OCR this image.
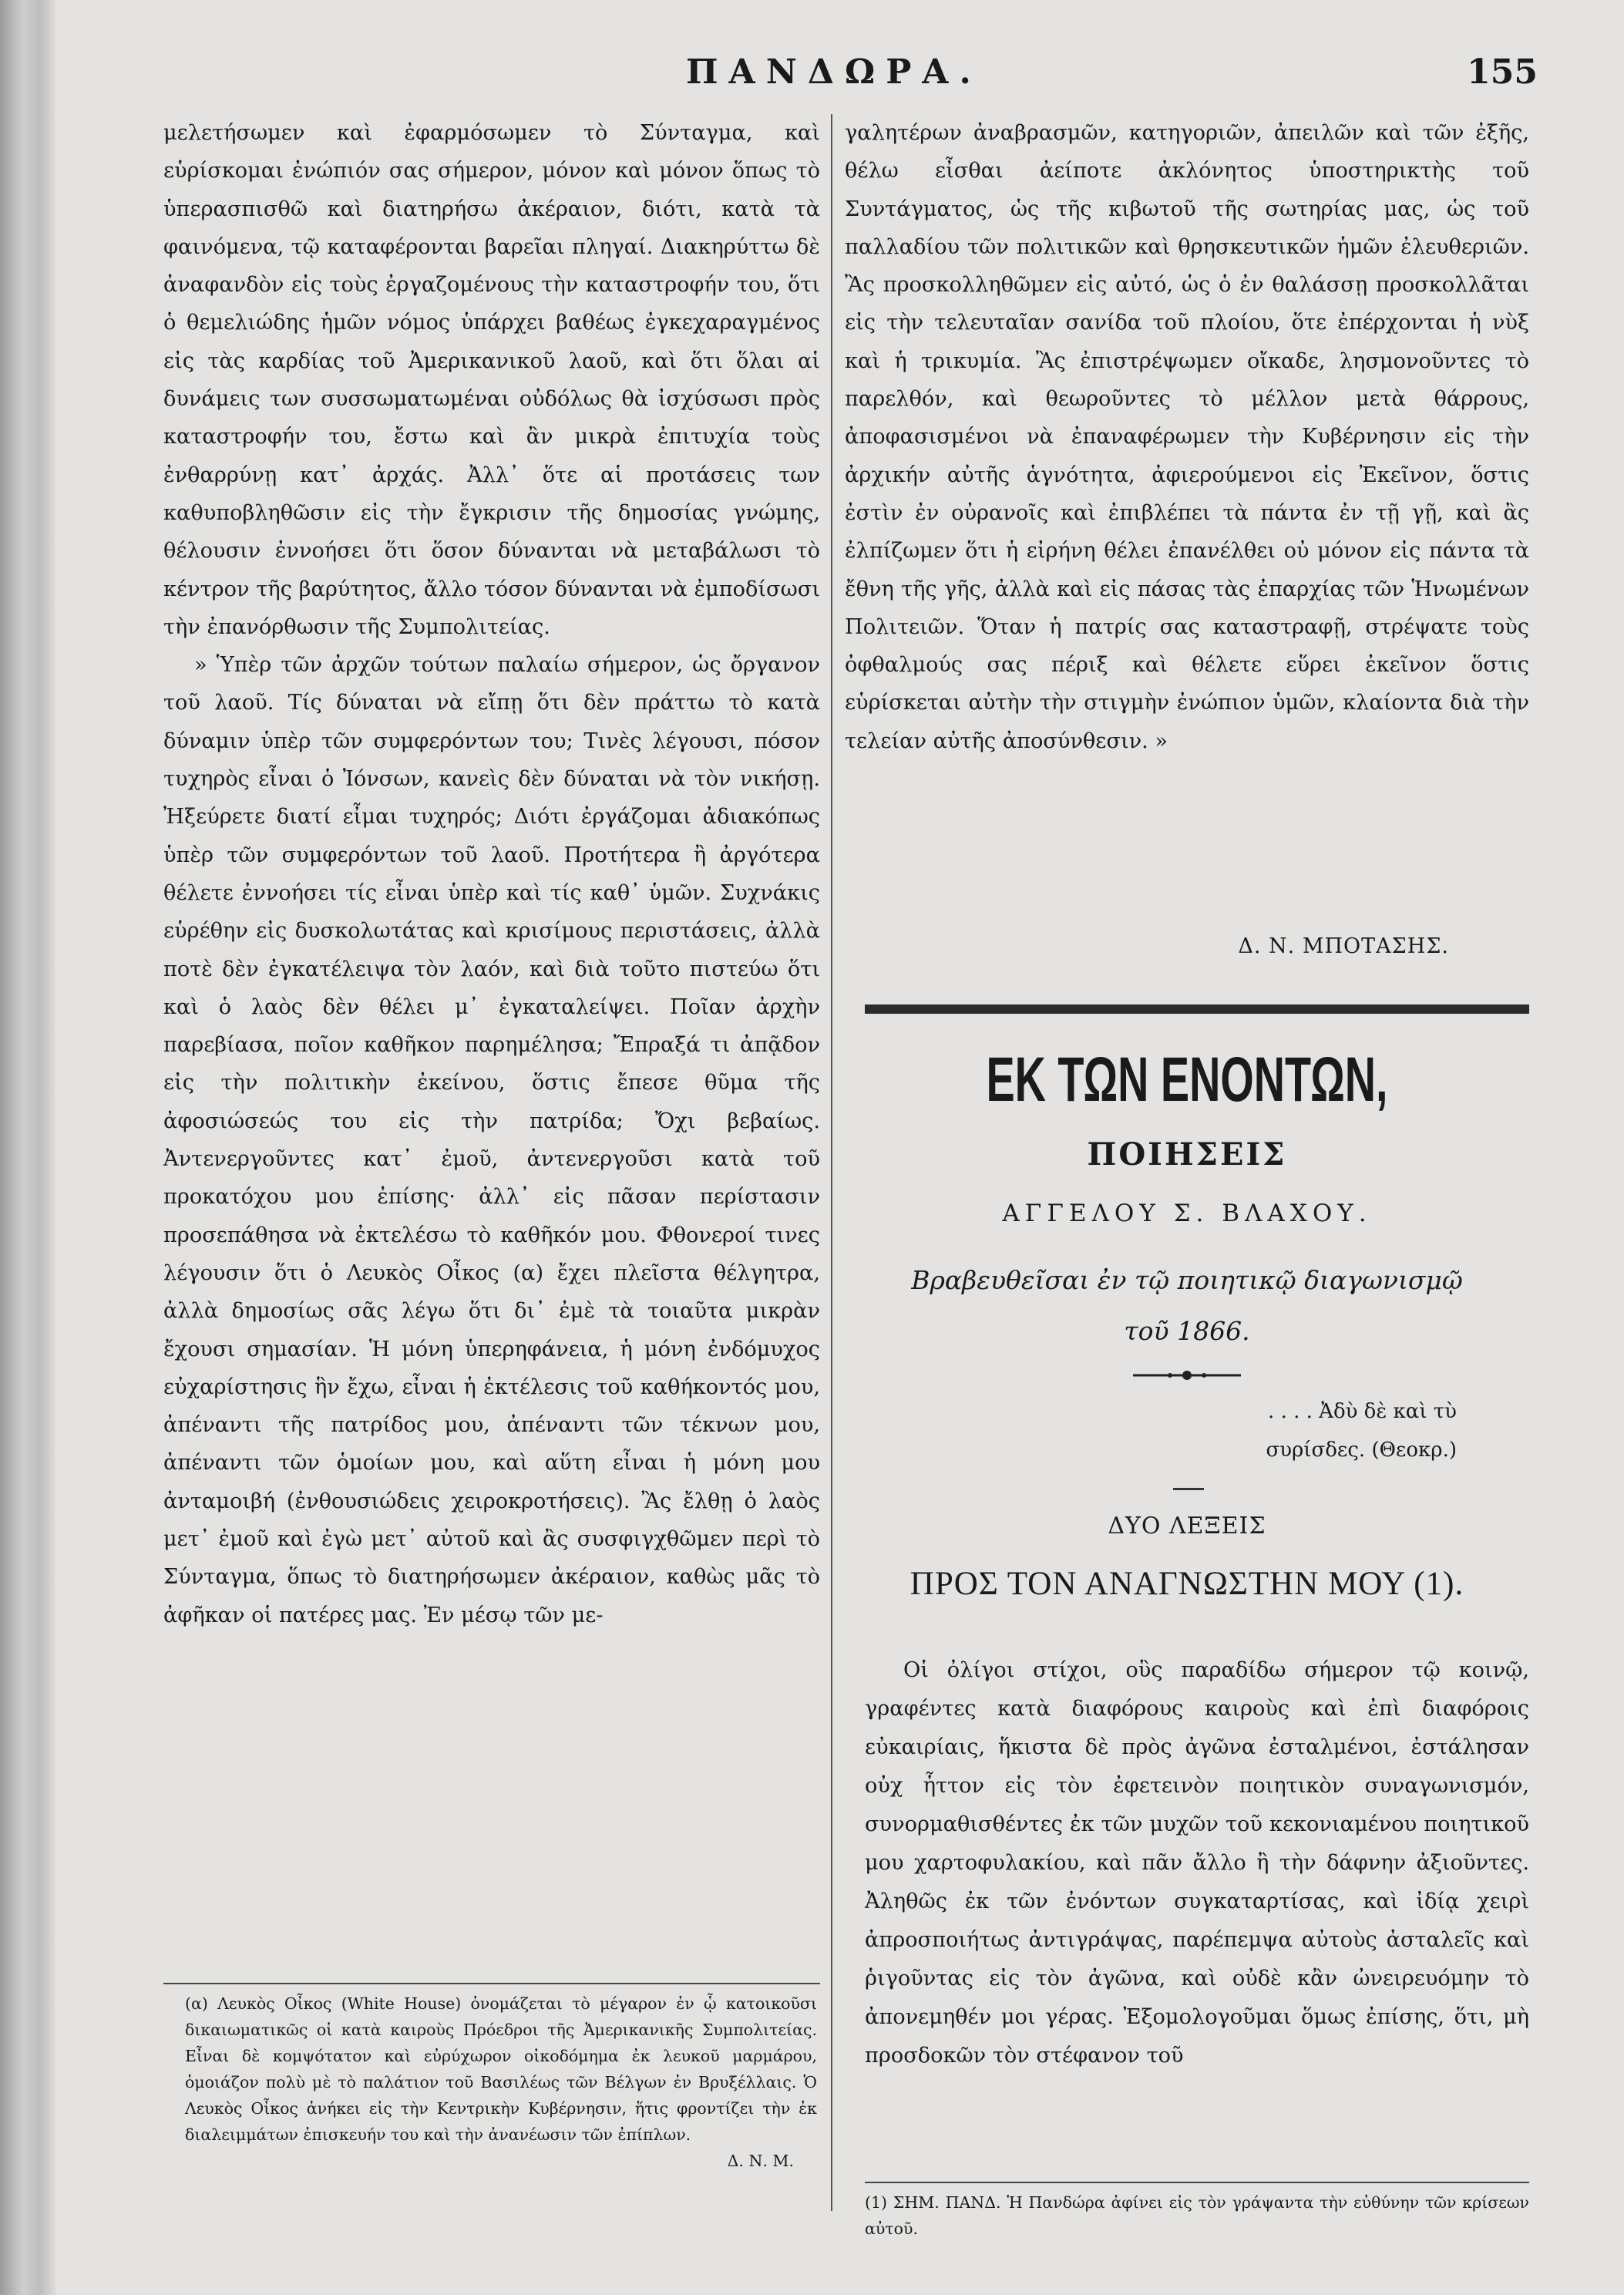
ΠΑΝΔΩΡΑ.	155

μελετήσωμεν καὶ ἐφαρμόσωμεν τὸ Σύνταγμα, καὶ εὑρίσκομαι ἐνώπιόν σας σήμερον, μόνον καὶ μόνον ὅπως τὸ ὑπερασπισθῶ καὶ διατηρήσω ἀκέραιον, διότι, κατὰ τὰ φαινόμενα, τῷ καταφέρονται βαρεῖαι πληγαί. Διακηρύττω δὲ ἀναφανδὸν εἰς τοὺς ἐργαζομένους τὴν καταστροφήν του, ὅτι ὁ θεμελιώδης ἡμῶν νόμος ὑπάρχει βαθέως ἐγκεχαραγμένος εἰς τὰς καρδίας τοῦ Ἀμερικανικοῦ λαοῦ, καὶ ὅτι ὅλαι αἱ δυνάμεις των συσσωματωμέναι οὐδόλως θὰ ἰσχύσωσι πρὸς καταστροφήν του, ἔστω καὶ ἂν μικρὰ ἐπιτυχία τοὺς ἐνθαρρύνῃ κατ᾽ ἀρχάς. Ἀλλ᾽ ὅτε αἱ προτάσεις των καθυποβληθῶσιν εἰς τὴν ἔγκρισιν τῆς δημοσίας γνώμης, θέλουσιν ἐννοήσει ὅτι ὅσον δύνανται νὰ μεταβάλωσι τὸ κέντρον τῆς βαρύτητος, ἄλλο τόσον δύνανται νὰ ἐμποδίσωσι τὴν ἐπανόρθωσιν τῆς Συμπολιτείας.

» Ὑπὲρ τῶν ἀρχῶν τούτων παλαίω σήμερον, ὡς ὄργανον τοῦ λαοῦ. Τίς δύναται νὰ εἴπῃ ὅτι δὲν πράττω τὸ κατὰ δύναμιν ὑπὲρ τῶν συμφερόντων του; Τινὲς λέγουσι, πόσον τυχηρὸς εἶναι ὁ Ἰόνσων, κανεὶς δὲν δύναται νὰ τὸν νικήσῃ. Ἠξεύρετε διατί εἶμαι τυχηρός; Διότι ἐργάζομαι ἀδιακόπως ὑπὲρ τῶν συμφερόντων τοῦ λαοῦ. Προτήτερα ἢ ἀργότερα θέλετε ἐννοήσει τίς εἶναι ὑπὲρ καὶ τίς καθ᾽ ὑμῶν. Συχνάκις εὑρέθην εἰς δυσκολωτάτας καὶ κρισίμους περιστάσεις, ἀλλὰ ποτὲ δὲν ἐγκατέλειψα τὸν λαόν, καὶ διὰ τοῦτο πιστεύω ὅτι καὶ ὁ λαὸς δὲν θέλει μ᾽ ἐγκαταλείψει. Ποῖαν ἀρχὴν παρεβίασα, ποῖον καθῆκον παρημέλησα; Ἔπραξά τι ἀπᾷδον εἰς τὴν πολιτικὴν ἐκείνου, ὅστις ἔπεσε θῦμα τῆς ἀφοσιώσεώς του εἰς τὴν πατρίδα; Ὄχι βεβαίως. Ἀντενεργοῦντες κατ᾽ ἐμοῦ, ἀντενεργοῦσι κατὰ τοῦ προκατόχου μου ἐπίσης· ἀλλ᾽ εἰς πᾶσαν περίστασιν προσεπάθησα νὰ ἐκτελέσω τὸ καθῆκόν μου. Φθονεροί τινες λέγουσιν ὅτι ὁ Λευκὸς Οἶκος (α) ἔχει πλεῖστα θέλγητρα, ἀλλὰ δημοσίως σᾶς λέγω ὅτι δι᾽ ἐμὲ τὰ τοιαῦτα μικρὰν ἔχουσι σημασίαν. Ἡ μόνη ὑπερηφάνεια, ἡ μόνη ἐνδόμυχος εὐχαρίστησις ἣν ἔχω, εἶναι ἡ ἐκτέλεσις τοῦ καθήκοντός μου, ἀπέναντι τῆς πατρίδος μου, ἀπέναντι τῶν τέκνων μου, ἀπέναντι τῶν ὁμοίων μου, καὶ αὕτη εἶναι ἡ μόνη μου ἀνταμοιβή (ἐνθουσιώδεις χειροκροτήσεις). Ἂς ἔλθῃ ὁ λαὸς μετ᾽ ἐμοῦ καὶ ἐγὼ μετ᾽ αὐτοῦ καὶ ἂς συσφιγχθῶμεν περὶ τὸ Σύνταγμα, ὅπως τὸ διατηρήσωμεν ἀκέραιον, καθὼς μᾶς τὸ ἀφῆκαν οἱ πατέρες μας. Ἐν μέσῳ τῶν με-

(α) Λευκὸς Οἶκος (White House) ὀνομάζεται τὸ μέγαρον ἐν ᾧ κατοικοῦσι δικαιωματικῶς οἱ κατὰ καιροὺς Πρόεδροι τῆς Ἀμερικανικῆς Συμπολιτείας. Εἶναι δὲ κομψότατον καὶ εὐρύχωρον οἰκοδόμημα ἐκ λευκοῦ μαρμάρου, ὁμοιάζον πολὺ μὲ τὸ παλάτιον τοῦ Βασιλέως τῶν Βέλγων ἐν Βρυξέλλαις. Ὁ Λευκὸς Οἶκος ἀνήκει εἰς τὴν Κεντρικὴν Κυβέρνησιν, ἥτις φροντίζει τὴν ἐκ διαλειμμάτων ἐπισκευήν του καὶ τὴν ἀνανέωσιν τῶν ἐπίπλων.
Δ. Ν. Μ.

γαλητέρων ἀναβρασμῶν, κατηγοριῶν, ἀπειλῶν καὶ τῶν ἐξῆς, θέλω εἶσθαι ἀείποτε ἀκλόνητος ὑποστηρικτὴς τοῦ Συντάγματος, ὡς τῆς κιβωτοῦ τῆς σωτηρίας μας, ὡς τοῦ παλλαδίου τῶν πολιτικῶν καὶ θρησκευτικῶν ἡμῶν ἐλευθεριῶν. Ἂς προσκολληθῶμεν εἰς αὐτό, ὡς ὁ ἐν θαλάσσῃ προσκολλᾶται εἰς τὴν τελευταῖαν σανίδα τοῦ πλοίου, ὅτε ἐπέρχονται ἡ νὺξ καὶ ἡ τρικυμία. Ἂς ἐπιστρέψωμεν οἴκαδε, λησμονοῦντες τὸ παρελθόν, καὶ θεωροῦντες τὸ μέλλον μετὰ θάρρους, ἀποφασισμένοι νὰ ἐπαναφέρωμεν τὴν Κυβέρνησιν εἰς τὴν ἀρχικήν αὐτῆς ἁγνότητα, ἀφιερούμενοι εἰς Ἐκεῖνον, ὅστις ἐστὶν ἐν οὐρανοῖς καὶ ἐπιβλέπει τὰ πάντα ἐν τῇ γῇ, καὶ ἂς ἐλπίζωμεν ὅτι ἡ εἰρήνη θέλει ἐπανέλθει οὐ μόνον εἰς πάντα τὰ ἔθνη τῆς γῆς, ἀλλὰ καὶ εἰς πάσας τὰς ἐπαρχίας τῶν Ἡνωμένων Πολιτειῶν. Ὅταν ἡ πατρίς σας καταστραφῇ, στρέψατε τοὺς ὀφθαλμούς σας πέριξ καὶ θέλετε εὕρει ἐκεῖνον ὅστις εὑρίσκεται αὐτὴν τὴν στιγμὴν ἐνώπιον ὑμῶν, κλαίοντα διὰ τὴν τελείαν αὐτῆς ἀποσύνθεσιν. »

Δ. Ν. ΜΠΟΤΑΣΗΣ.
ΕΚ ΤΩΝ ΕΝΟΝΤΩΝ,
ΠΟΙΗΣΕΙΣ
ΑΓΓΕΛΟΥ Σ. ΒΛΑΧΟΥ.
Βραβευθεῖσαι ἐν τῷ ποιητικῷ διαγωνισμῷ
τοῦ 1866.
. . . . Ἀδὺ δὲ καὶ τὺ
συρίσδες. (Θεοκρ.)
ΔΥΟ ΛΕΞΕΙΣ
ΠΡΟΣ ΤΟΝ ΑΝΑΓΝΩΣΤΗΝ ΜΟΥ (1).

Οἱ ὀλίγοι στίχοι, οὓς παραδίδω σήμερον τῷ κοινῷ, γραφέντες κατὰ διαφόρους καιροὺς καὶ ἐπὶ διαφόροις εὐκαιρίαις, ἥκιστα δὲ πρὸς ἀγῶνα ἐσταλμένοι, ἐστάλησαν οὐχ ἧττον εἰς τὸν ἐφετεινὸν ποιητικὸν συναγωνισμόν, συνορμαθισθέντες ἐκ τῶν μυχῶν τοῦ κεκονιαμένου ποιητικοῦ μου χαρτοφυλακίου, καὶ πᾶν ἄλλο ἢ τὴν δάφνην ἀξιοῦντες. Ἀληθῶς ἐκ τῶν ἐνόντων συγκαταρτίσας, καὶ ἰδίᾳ χειρὶ ἀπροσποιήτως ἀντιγράψας, παρέπεμψα αὐτοὺς ἀσταλεῖς καὶ ῥιγοῦντας εἰς τὸν ἀγῶνα, καὶ οὐδὲ κἂν ὠνειρευόμην τὸ ἀπονεμηθέν μοι γέρας. Ἐξομολογοῦμαι ὅμως ἐπίσης, ὅτι, μὴ προσδοκῶν τὸν στέφανον τοῦ

(1) ΣΗΜ. ΠΑΝΔ. Ἡ Πανδώρα ἀφίνει εἰς τὸν γράψαντα τὴν εὐθύνην τῶν κρίσεων αὐτοῦ.
